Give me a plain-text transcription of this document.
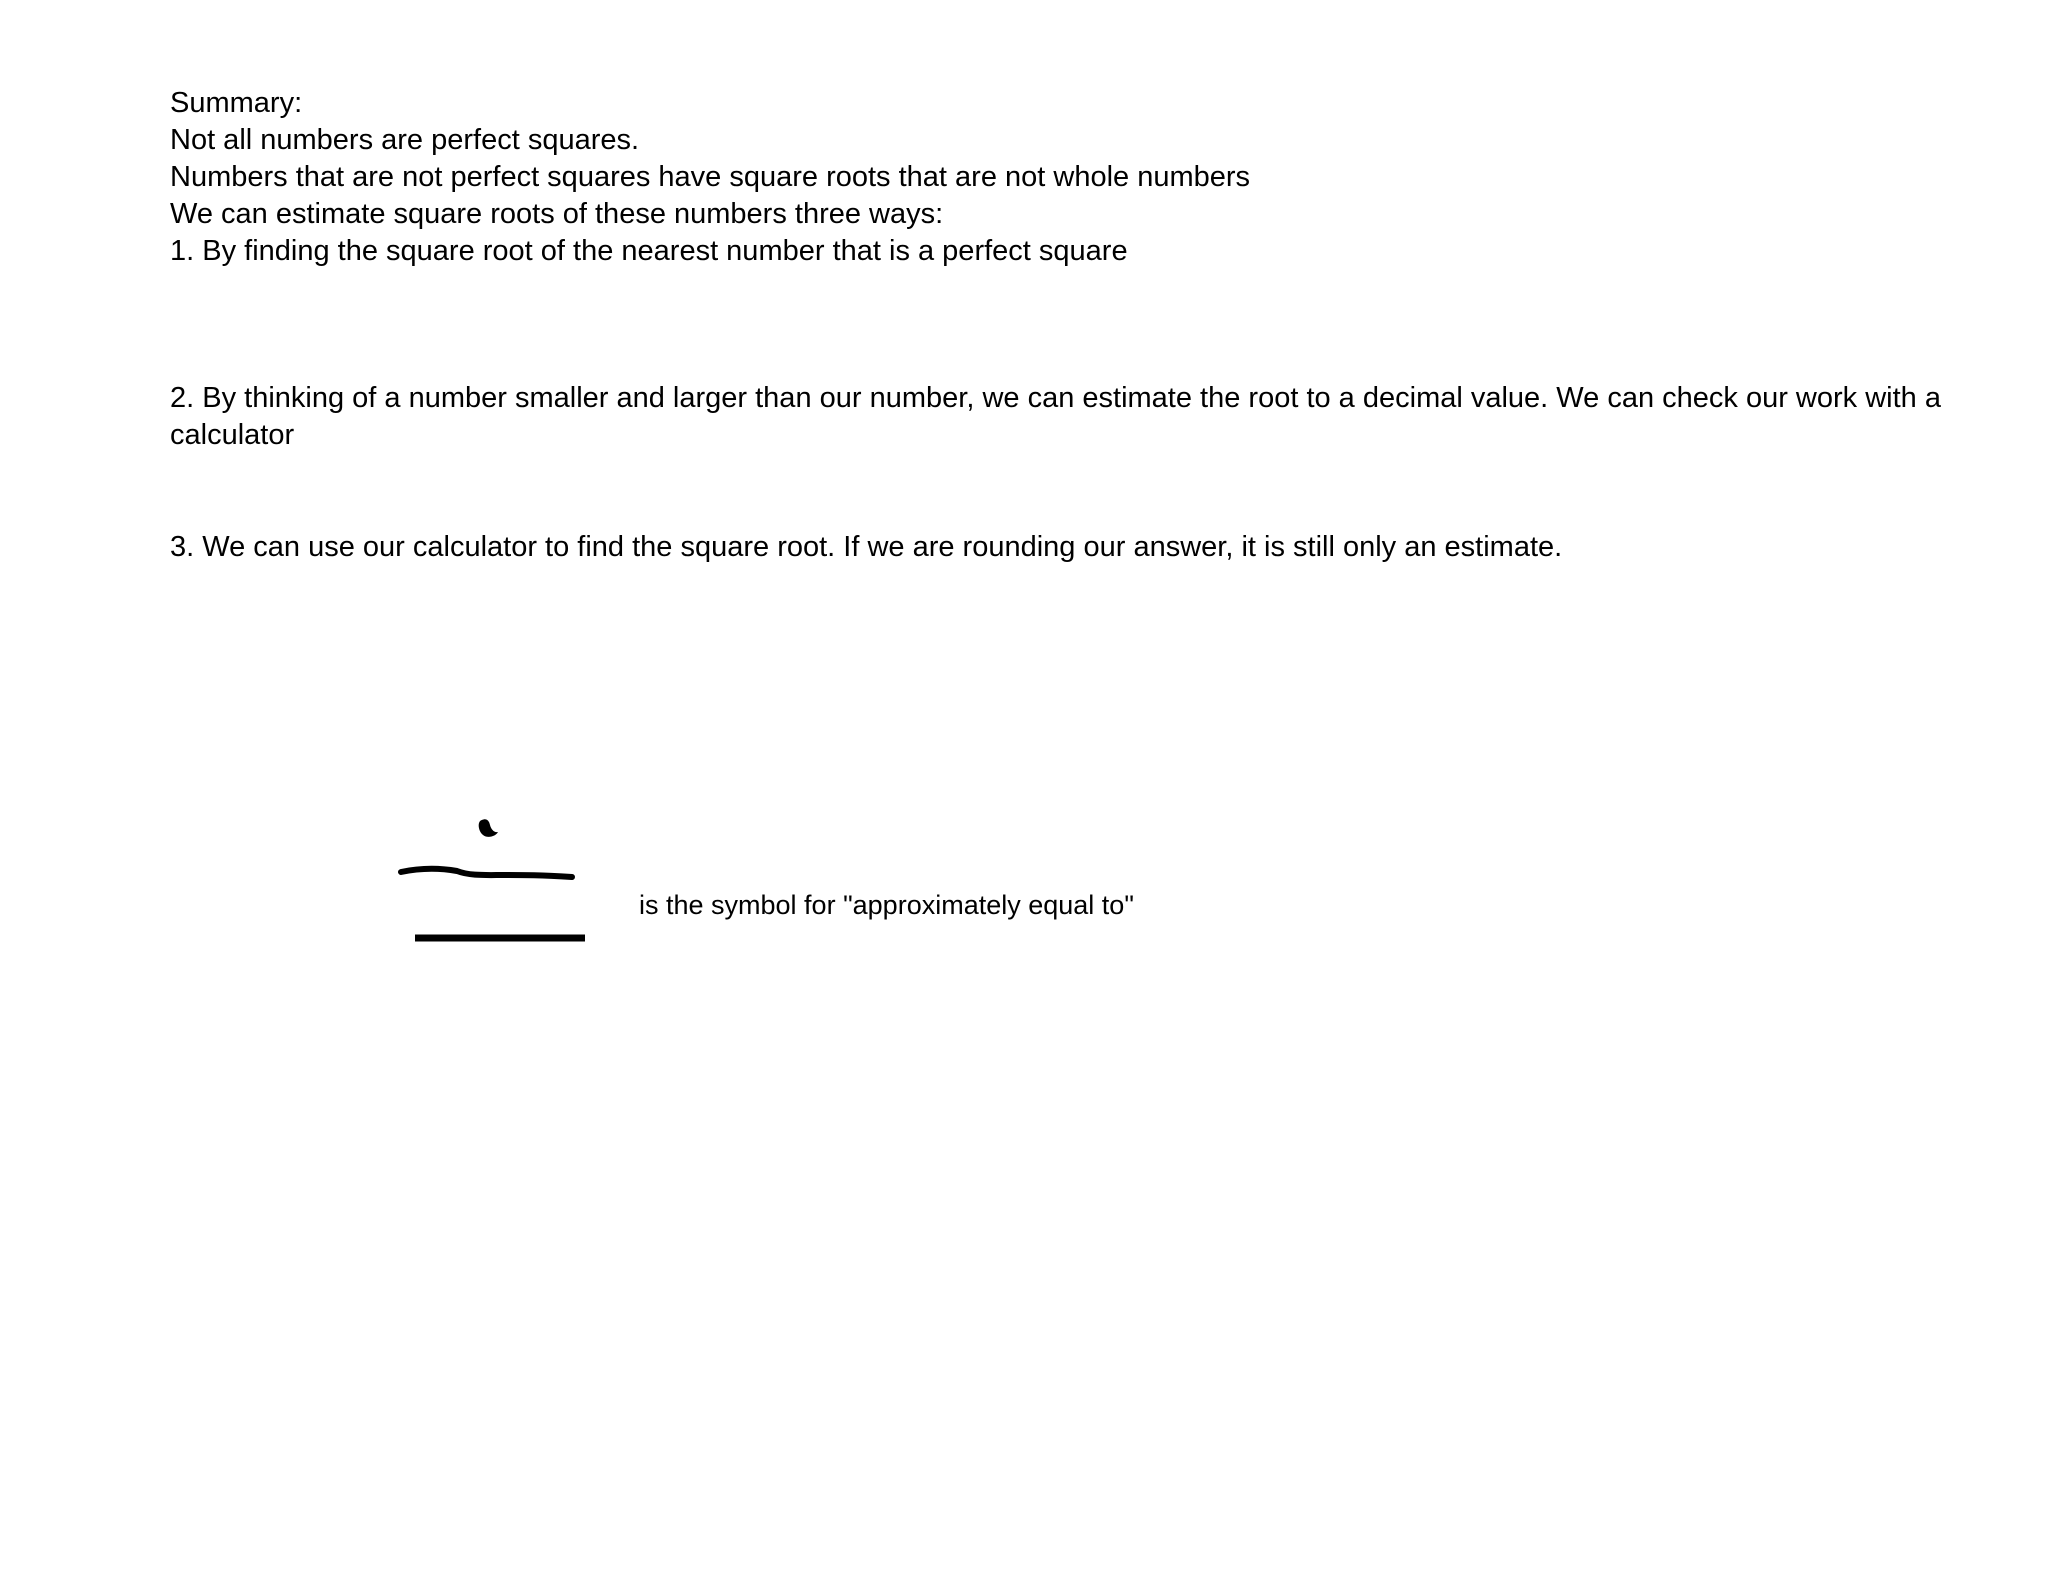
Summary:
Not all numbers are perfect squares.
Numbers that are not perfect squares have square roots that are not whole numbers
We can estimate square roots of these numbers three ways:
1. By finding the square root of the nearest number that is a perfect square
2. By thinking of a number smaller and larger than our number, we can estimate the root to a decimal value. We can check our work with a calculator
3. We can use our calculator to find the square root. If we are rounding our answer, it is still only an estimate.
is the symbol for "approximately equal to"
